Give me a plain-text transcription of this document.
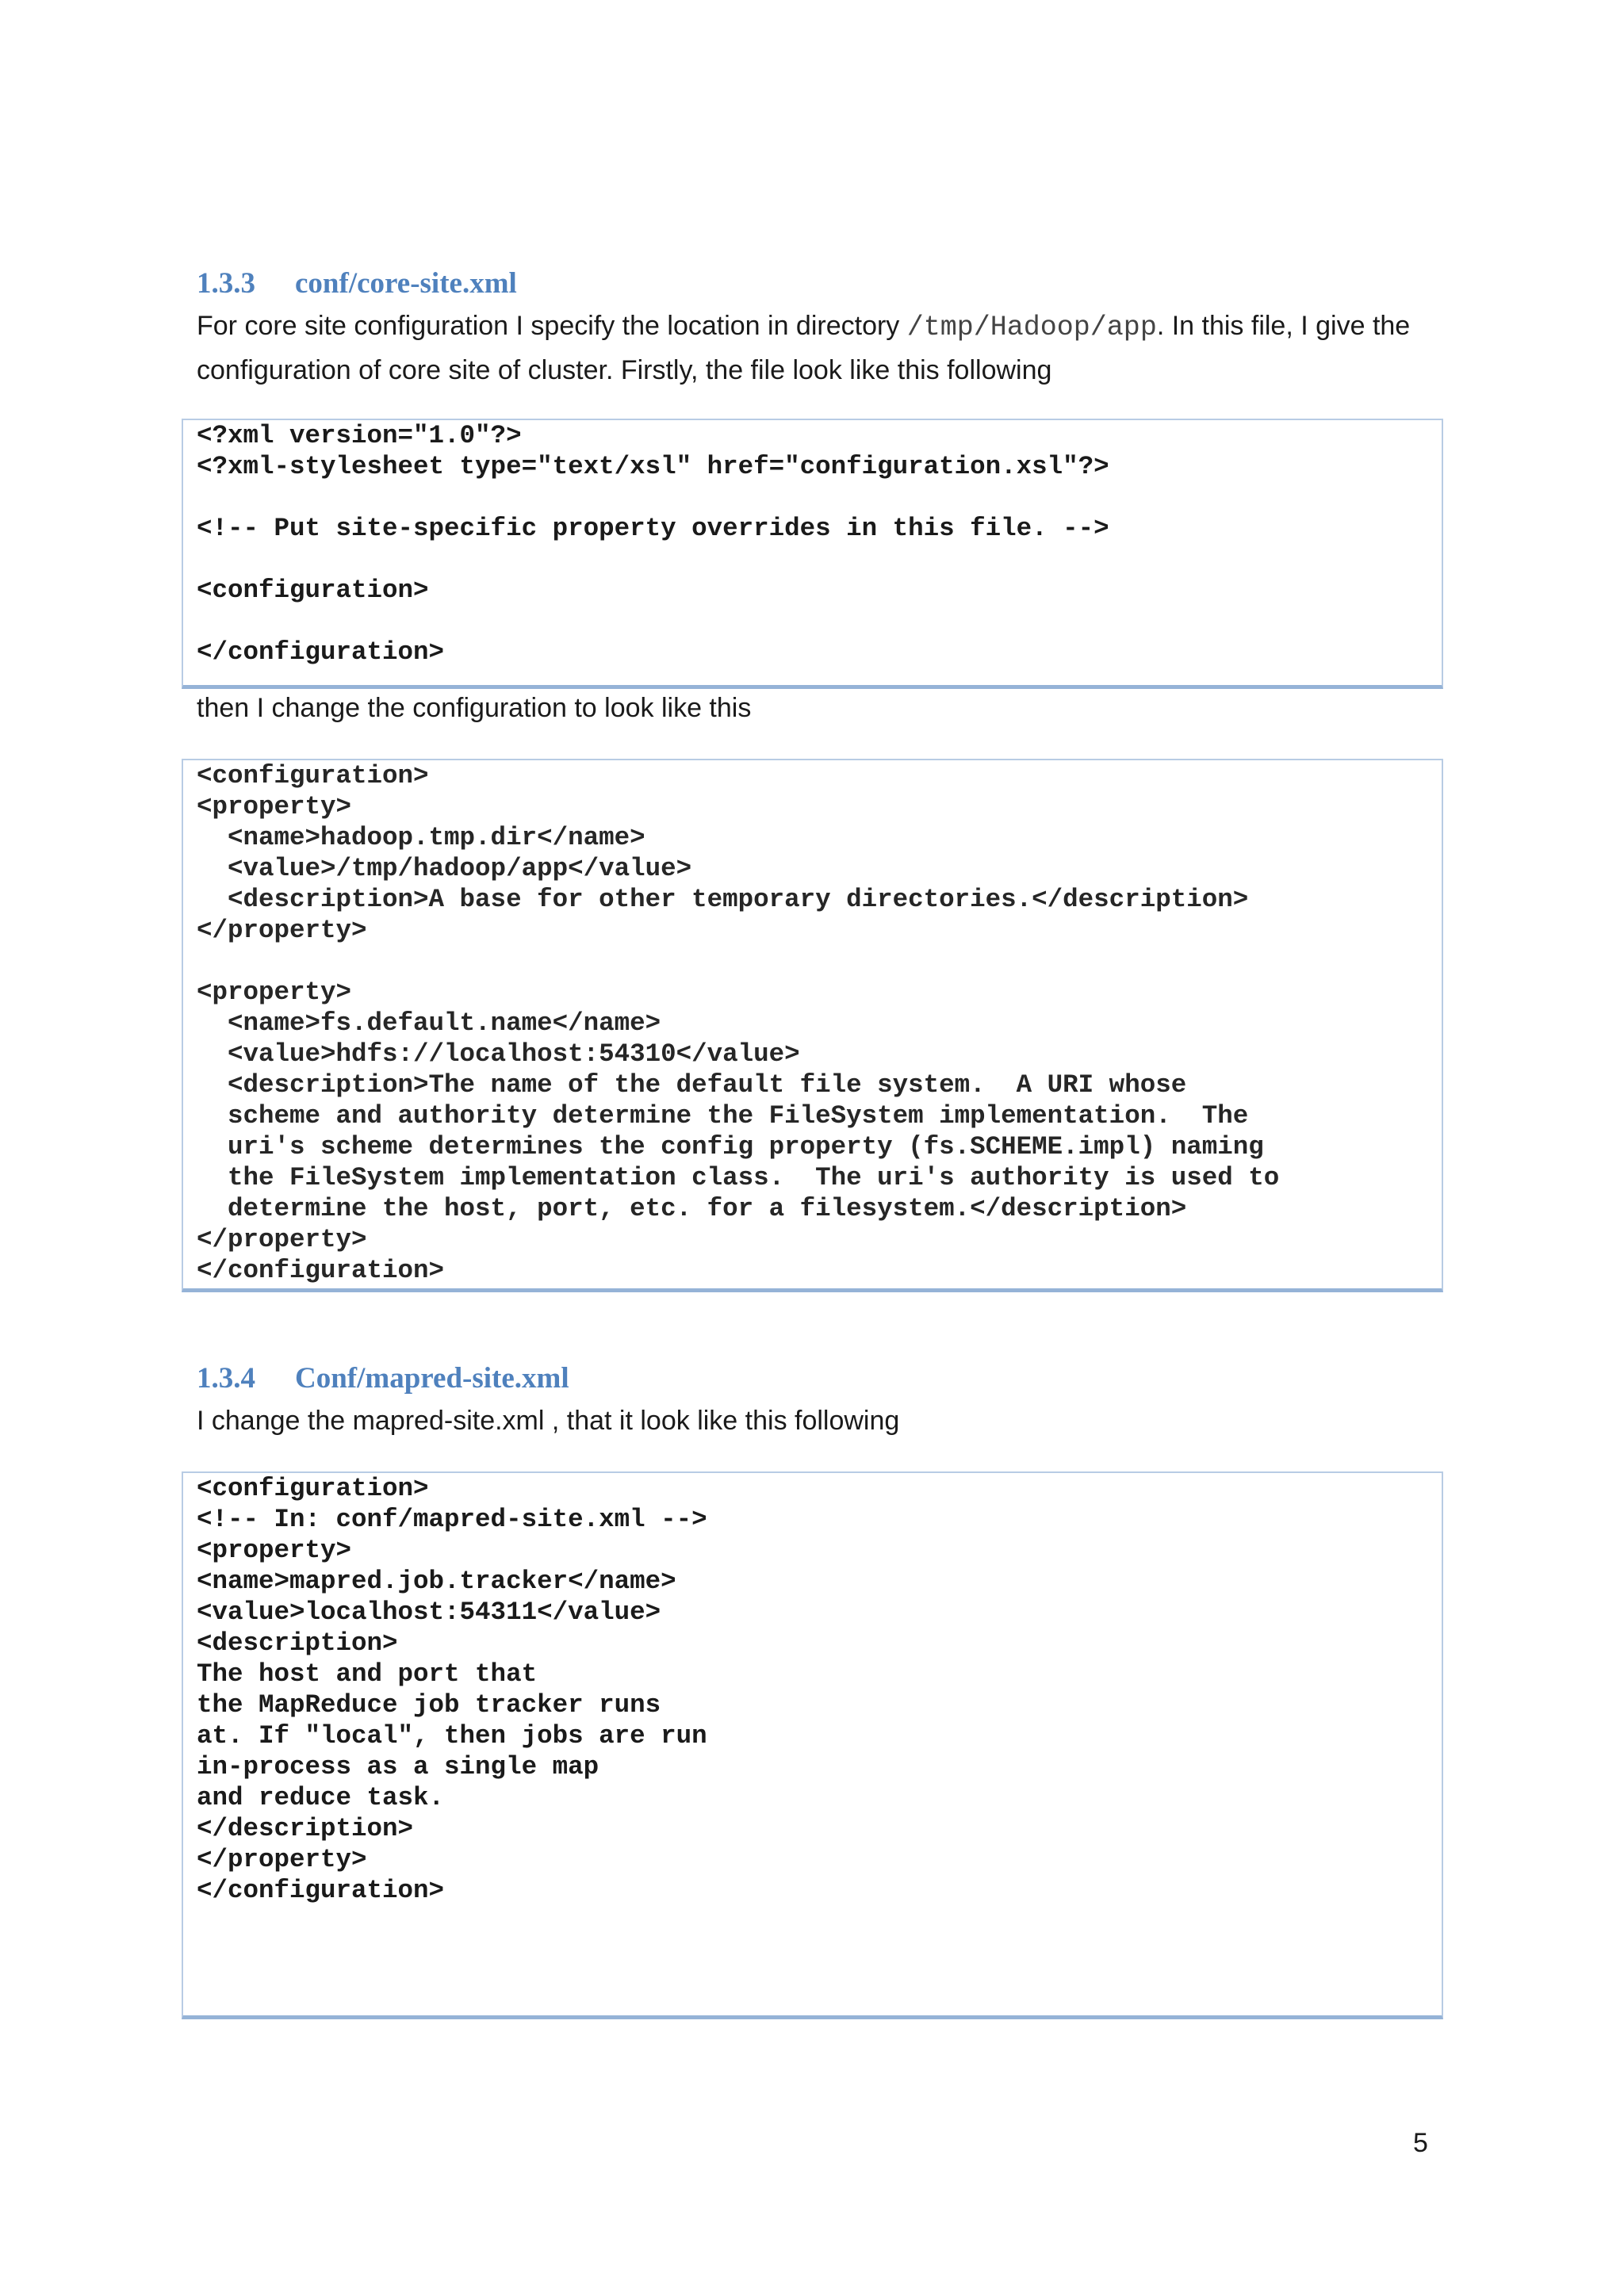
1.3.3 conf/core-site.xml
For core site configuration I specify the location in directory /tmp/Hadoop/app. In this file, I give the configuration of core site of cluster. Firstly, the file look like this following
<?xml version="1.0"?>
<?xml-stylesheet type="text/xsl" href="configuration.xsl"?>

<!-- Put site-specific property overrides in this file. -->

<configuration>

</configuration>
then I change the configuration to look like this
<configuration>
<property>
<name>hadoop.tmp.dir</name>
<value>/tmp/hadoop/app</value>
<description>A base for other temporary directories.</description>
</property>

<property>
<name>fs.default.name</name>
<value>hdfs://localhost:54310</value>
<description>The name of the default file system.  A URI whose
scheme and authority determine the FileSystem implementation.  The
uri's scheme determines the config property (fs.SCHEME.impl) naming
the FileSystem implementation class.  The uri's authority is used to
determine the host, port, etc. for a filesystem.</description>
</property>
</configuration>
1.3.4 Conf/mapred-site.xml
I change the mapred-site.xml , that it look like this following
<configuration>
<!-- In: conf/mapred-site.xml -->
<property>
<name>mapred.job.tracker</name>
<value>localhost:54311</value>
<description>
The host and port that
the MapReduce job tracker runs
at. If "local", then jobs are run
in-process as a single map
and reduce task.
</description>
</property>
</configuration>
5
